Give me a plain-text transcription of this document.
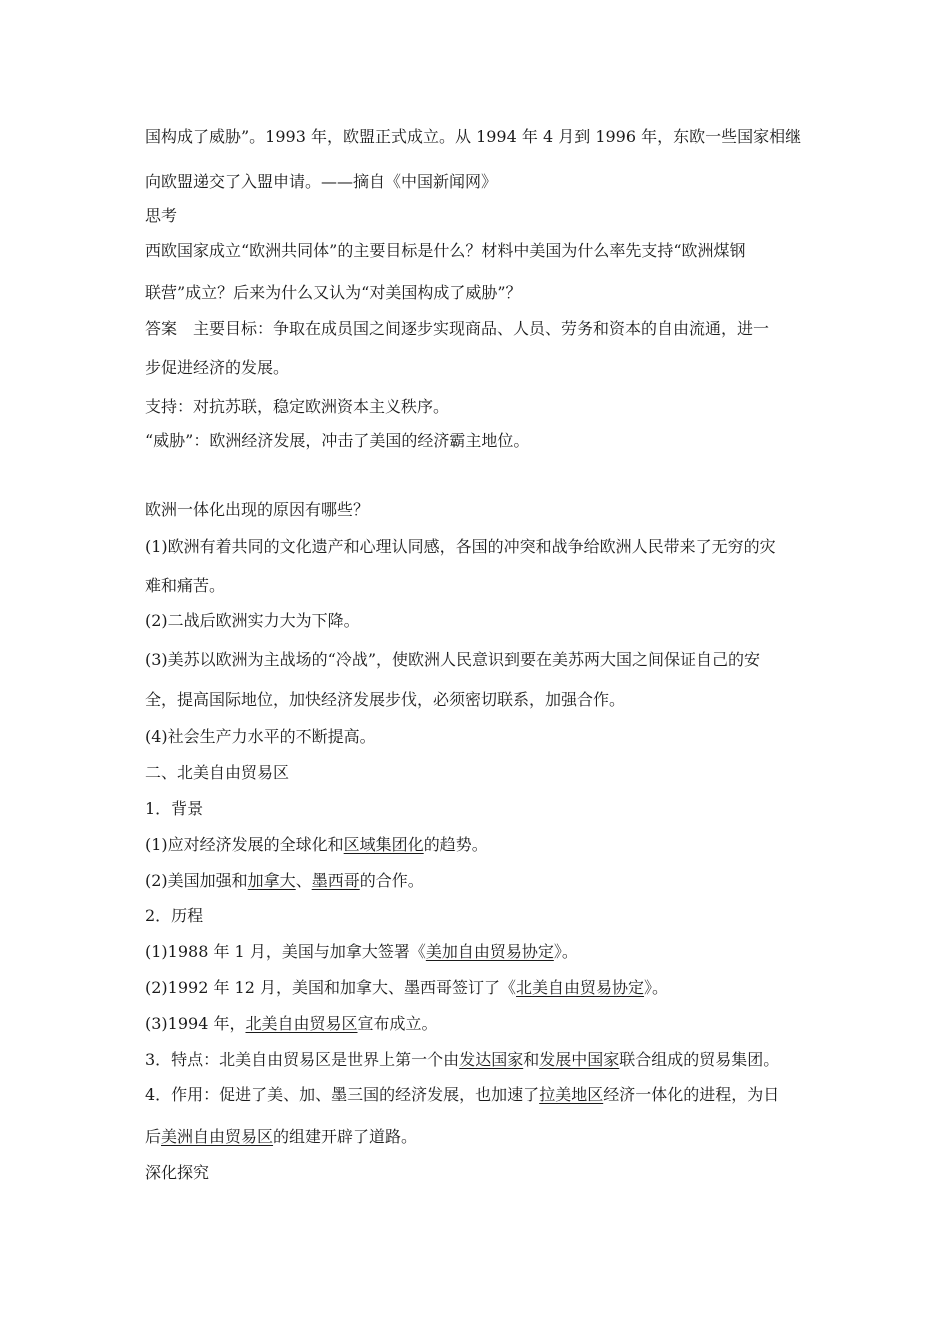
国构成了威胁”。1993 年，欧盟正式成立。从 1994 年 4 月到 1996 年，东欧一些国家相继
向欧盟递交了入盟申请。——摘自《中国新闻网》
思考
西欧国家成立“欧洲共同体”的主要目标是什么？材料中美国为什么率先支持“欧洲煤钢
联营”成立？后来为什么又认为“对美国构成了威胁”？
答案　主要目标：争取在成员国之间逐步实现商品、人员、劳务和资本的自由流通，进一
步促进经济的发展。
支持：对抗苏联，稳定欧洲资本主义秩序。
“威胁”：欧洲经济发展，冲击了美国的经济霸主地位。
欧洲一体化出现的原因有哪些？
(1)欧洲有着共同的文化遗产和心理认同感，各国的冲突和战争给欧洲人民带来了无穷的灾
难和痛苦。
(2)二战后欧洲实力大为下降。
(3)美苏以欧洲为主战场的“冷战”，使欧洲人民意识到要在美苏两大国之间保证自己的安
全，提高国际地位，加快经济发展步伐，必须密切联系，加强合作。
(4)社会生产力水平的不断提高。
二、北美自由贸易区
1．背景
(1)应对经济发展的全球化和区域集团化的趋势。
(2)美国加强和加拿大、墨西哥的合作。
2．历程
(1)1988 年 1 月，美国与加拿大签署《美加自由贸易协定》。
(2)1992 年 12 月，美国和加拿大、墨西哥签订了《北美自由贸易协定》。
(3)1994 年，北美自由贸易区宣布成立。
3．特点：北美自由贸易区是世界上第一个由发达国家和发展中国家联合组成的贸易集团。
4．作用：促进了美、加、墨三国的经济发展，也加速了拉美地区经济一体化的进程，为日
后美洲自由贸易区的组建开辟了道路。
深化探究
